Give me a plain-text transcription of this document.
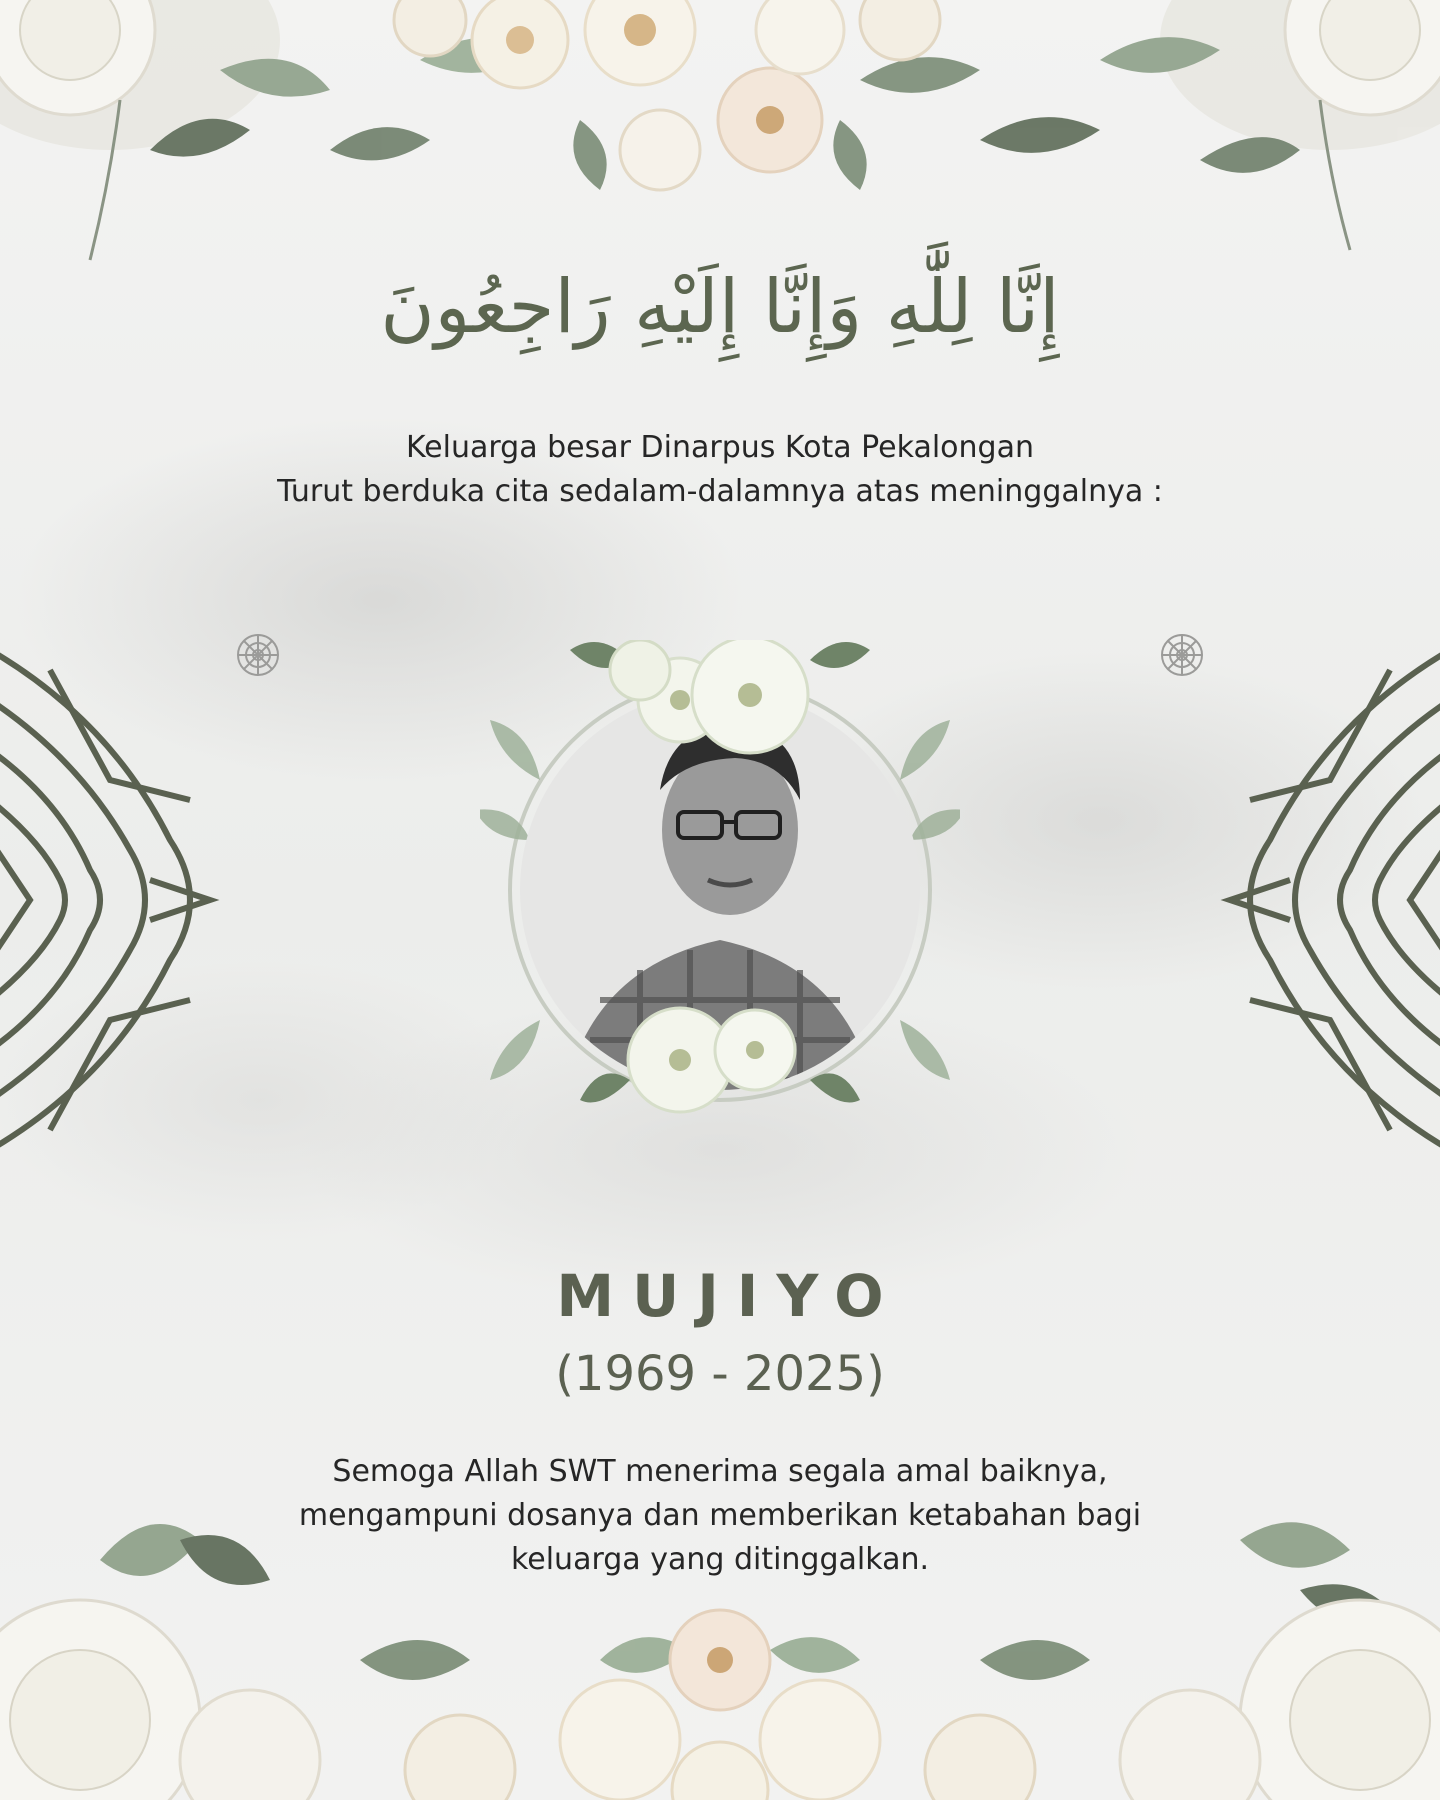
إِنَّا لِلَّٰهِ وَإِنَّا إِلَيْهِ رَاجِعُونَ
Keluarga besar Dinarpus Kota Pekalongan
Turut berduka cita sedalam-dalamnya atas meninggalnya :
MUJIYO
(1969 - 2025)
Semoga Allah SWT menerima segala amal baiknya,
mengampuni dosanya dan memberikan ketabahan bagi
keluarga yang ditinggalkan.
